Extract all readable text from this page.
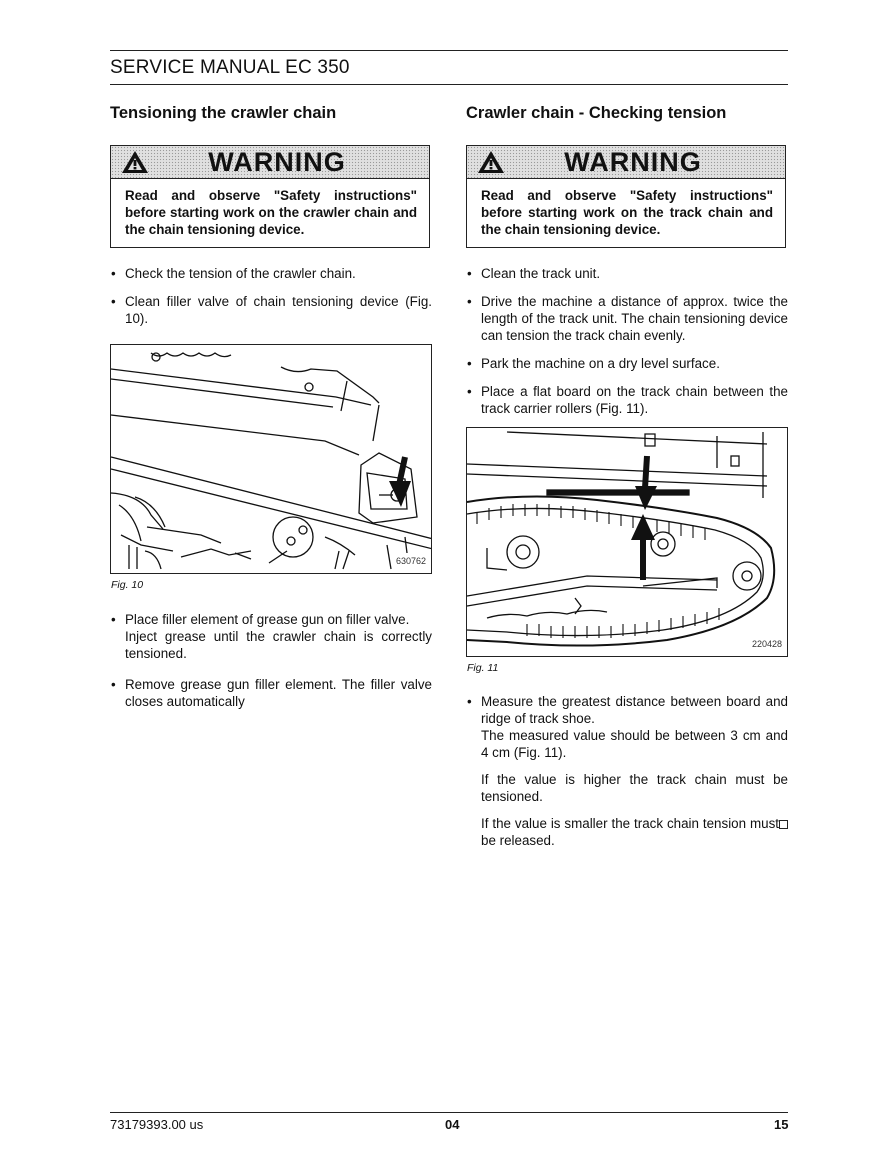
SERVICE MANUAL EC 350
Tensioning the crawler chain
WARNING
Read and observe "Safety instructions" before starting work on the crawler chain and the chain tensioning device.
• Check the tension of the crawler chain.
• Clean filler valve of chain tensioning device (Fig. 10).
630762
Fig. 10
• Place filler element of grease gun on filler valve.
Inject grease until the crawler chain is correctly tensioned.
• Remove grease gun filler element. The filler valve closes automatically
Crawler chain - Checking tension
WARNING
Read and observe "Safety instructions" before starting work on the track chain and the chain tensioning device.
• Clean the track unit.
• Drive the machine a distance of approx. twice the length of the track unit. The chain tensioning device can tension the track chain evenly.
• Park the machine on a dry level surface.
• Place a flat board on the track chain between the track carrier rollers (Fig. 11).
220428
Fig. 11
• Measure the greatest distance between board and ridge of track shoe.
The measured value should be between 3 cm and 4 cm (Fig. 11).
If the value is higher the track chain must be tensioned.
If the value is smaller the track chain tension must be released.
73179393.00 us	04	15
